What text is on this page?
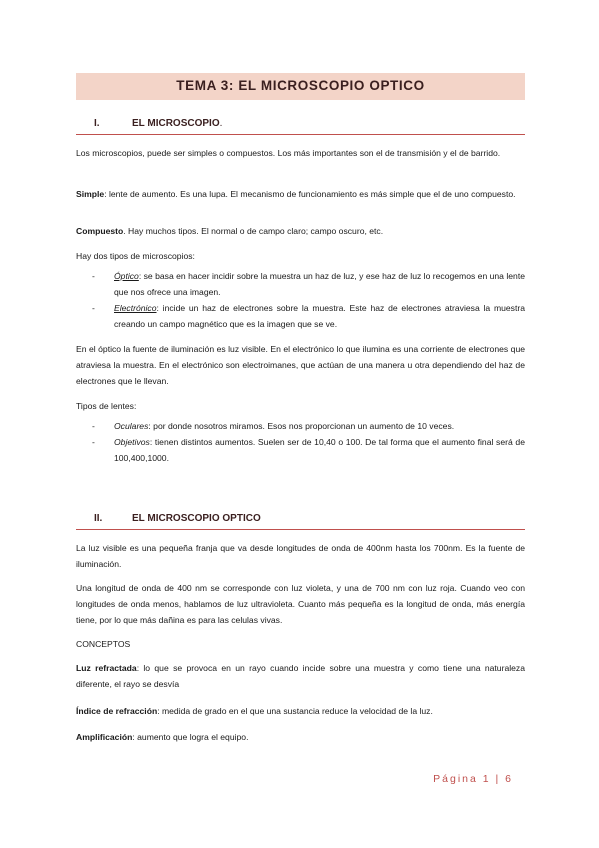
TEMA 3: EL MICROSCOPIO OPTICO
I.	EL MICROSCOPIO.
Los microscopios, puede ser simples o compuestos. Los más importantes son el de transmisión y el de barrido.
Simple: lente de aumento. Es una lupa. El mecanismo de funcionamiento es más simple que el de uno compuesto.
Compuesto. Hay muchos tipos. El normal o de campo claro; campo oscuro, etc.
Hay dos tipos de microscopios:
- Óptico: se basa en hacer incidir sobre la muestra un haz de luz, y ese haz de luz lo recogemos en una lente que nos ofrece una imagen.
- Electrónico: incide un haz de electrones sobre la muestra. Este haz de electrones atraviesa la muestra creando un campo magnético que es la imagen que se ve.
En el óptico la fuente de iluminación es luz visible. En el electrónico lo que ilumina es una corriente de electrones que atraviesa la muestra. En el electrónico son electroimanes, que actúan de una manera u otra dependiendo del haz de electrones que le llevan.
Tipos de lentes:
- Oculares: por donde nosotros miramos. Esos nos proporcionan un aumento de 10 veces.
- Objetivos: tienen distintos aumentos. Suelen ser de 10,40 o 100. De tal forma que el aumento final será de 100,400,1000.
II.	EL MICROSCOPIO OPTICO
La luz visible es una pequeña franja que va desde longitudes de onda de 400nm hasta los 700nm. Es la fuente de iluminación.
Una longitud de onda de 400 nm se corresponde con luz violeta, y una de 700 nm con luz roja. Cuando veo con longitudes de onda menos, hablamos de luz ultravioleta. Cuanto más pequeña es la longitud de onda, más energía tiene, por lo que más dañina es para las celulas vivas.
CONCEPTOS
Luz refractada: lo que se provoca en un rayo cuando incide sobre una muestra y como tiene una naturaleza diferente, el rayo se desvía
Índice de refracción: medida de grado en el que una sustancia reduce la velocidad de la luz.
Amplificación: aumento que logra el equipo.
Página 1 | 6
